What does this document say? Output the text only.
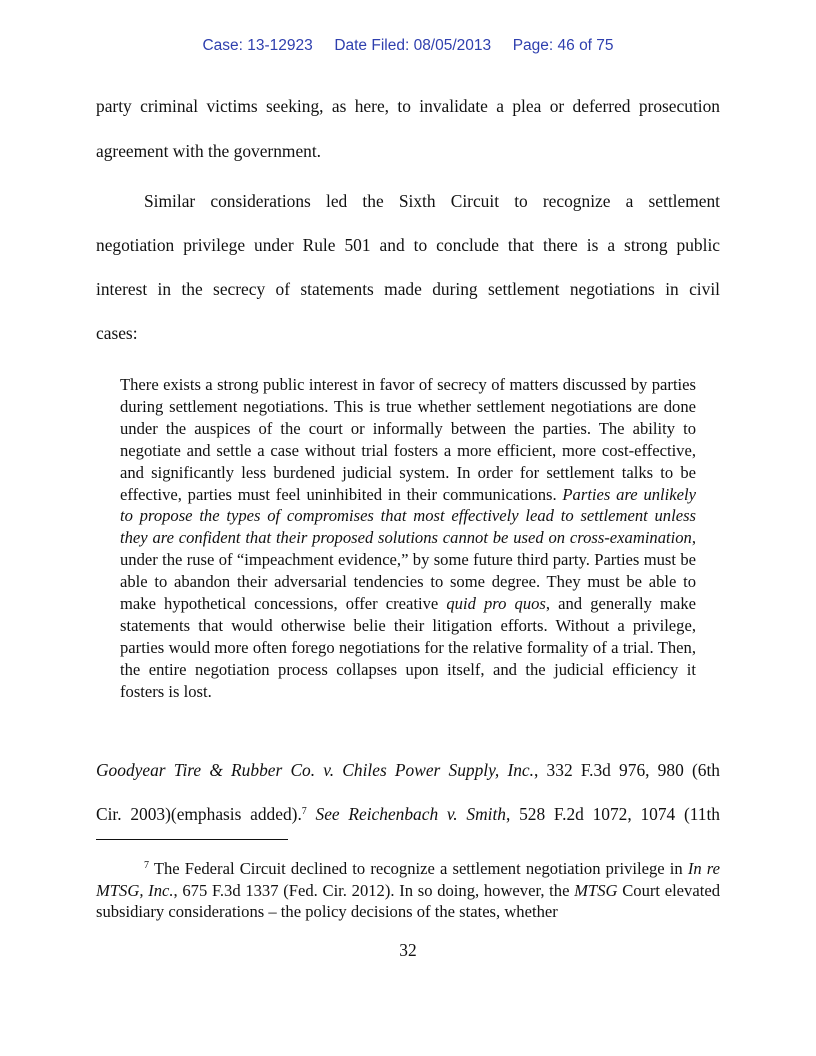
Case: 13-12923 Date Filed: 08/05/2013 Page: 46 of 75
party criminal victims seeking, as here, to invalidate a plea or deferred prosecution
agreement with the government.
Similar considerations led the Sixth Circuit to recognize a settlement
negotiation privilege under Rule 501 and to conclude that there is a strong public
interest in the secrecy of statements made during settlement negotiations in civil
cases:
There exists a strong public interest in favor of secrecy of matters discussed by parties during settlement negotiations. This is true whether settlement negotiations are done under the auspices of the court or informally between the parties. The ability to negotiate and settle a case without trial fosters a more efficient, more cost-effective, and significantly less burdened judicial system. In order for settlement talks to be effective, parties must feel uninhibited in their communications. Parties are unlikely to propose the types of compromises that most effectively lead to settlement unless they are confident that their proposed solutions cannot be used on cross-examination, under the ruse of “impeachment evidence,” by some future third party. Parties must be able to abandon their adversarial tendencies to some degree. They must be able to make hypothetical concessions, offer creative quid pro quos, and generally make statements that would otherwise belie their litigation efforts. Without a privilege, parties would more often forego negotiations for the relative formality of a trial. Then, the entire negotiation process collapses upon itself, and the judicial efficiency it fosters is lost.
Goodyear Tire & Rubber Co. v. Chiles Power Supply, Inc., 332 F.3d 976, 980 (6th
Cir. 2003)(emphasis added).$^7$ See Reichenbach v. Smith, 528 F.2d 1072, 1074 (11th
$^7$ The Federal Circuit declined to recognize a settlement negotiation privilege in In re MTSG, Inc., 675 F.3d 1337 (Fed. Cir. 2012). In so doing, however, the MTSG Court elevated subsidiary considerations – the policy decisions of the states, whether
32
